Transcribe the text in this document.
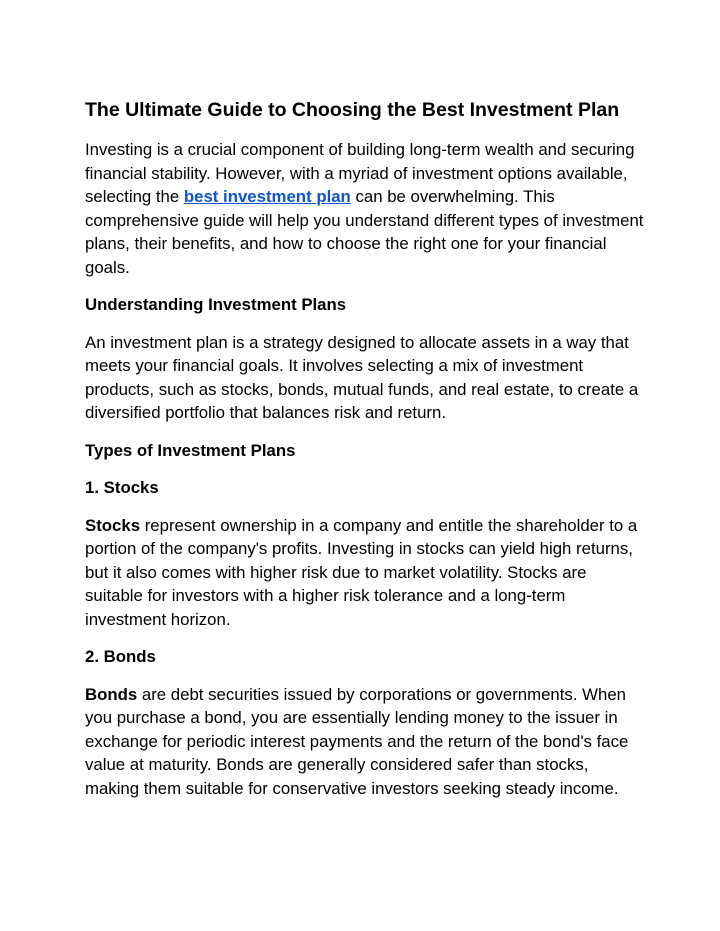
The Ultimate Guide to Choosing the Best Investment Plan

Investing is a crucial component of building long-term wealth and securing financial stability. However, with a myriad of investment options available, selecting the best investment plan can be overwhelming. This comprehensive guide will help you understand different types of investment plans, their benefits, and how to choose the right one for your financial goals.

Understanding Investment Plans

An investment plan is a strategy designed to allocate assets in a way that meets your financial goals. It involves selecting a mix of investment products, such as stocks, bonds, mutual funds, and real estate, to create a diversified portfolio that balances risk and return.

Types of Investment Plans

1. Stocks

Stocks represent ownership in a company and entitle the shareholder to a portion of the company's profits. Investing in stocks can yield high returns, but it also comes with higher risk due to market volatility. Stocks are suitable for investors with a higher risk tolerance and a long-term investment horizon.

2. Bonds

Bonds are debt securities issued by corporations or governments. When you purchase a bond, you are essentially lending money to the issuer in exchange for periodic interest payments and the return of the bond's face value at maturity. Bonds are generally considered safer than stocks, making them suitable for conservative investors seeking steady income.
